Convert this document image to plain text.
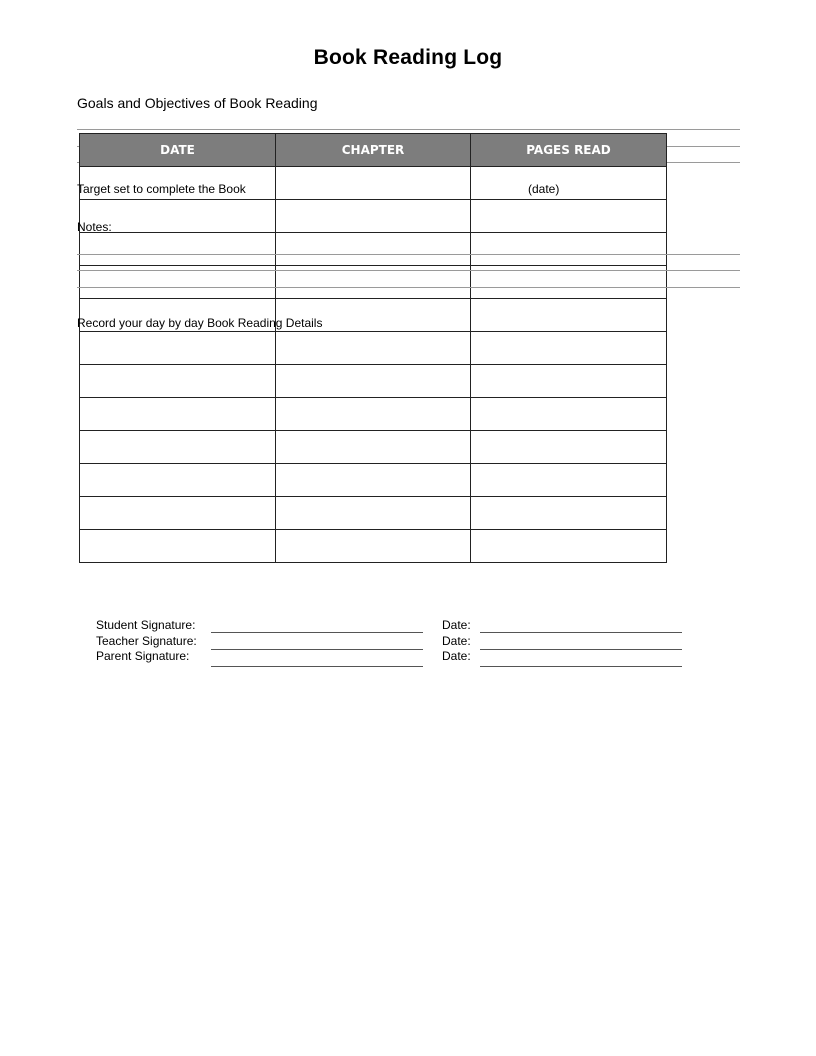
Book Reading Log
Goals and Objectives of Book Reading
DATE	CHAPTER	PAGES READ

Target set to complete the Book	(date)
Notes:
Record your day by day Book Reading Details
Student Signature:	Date:
Teacher Signature:	Date:
Parent Signature:	Date:
